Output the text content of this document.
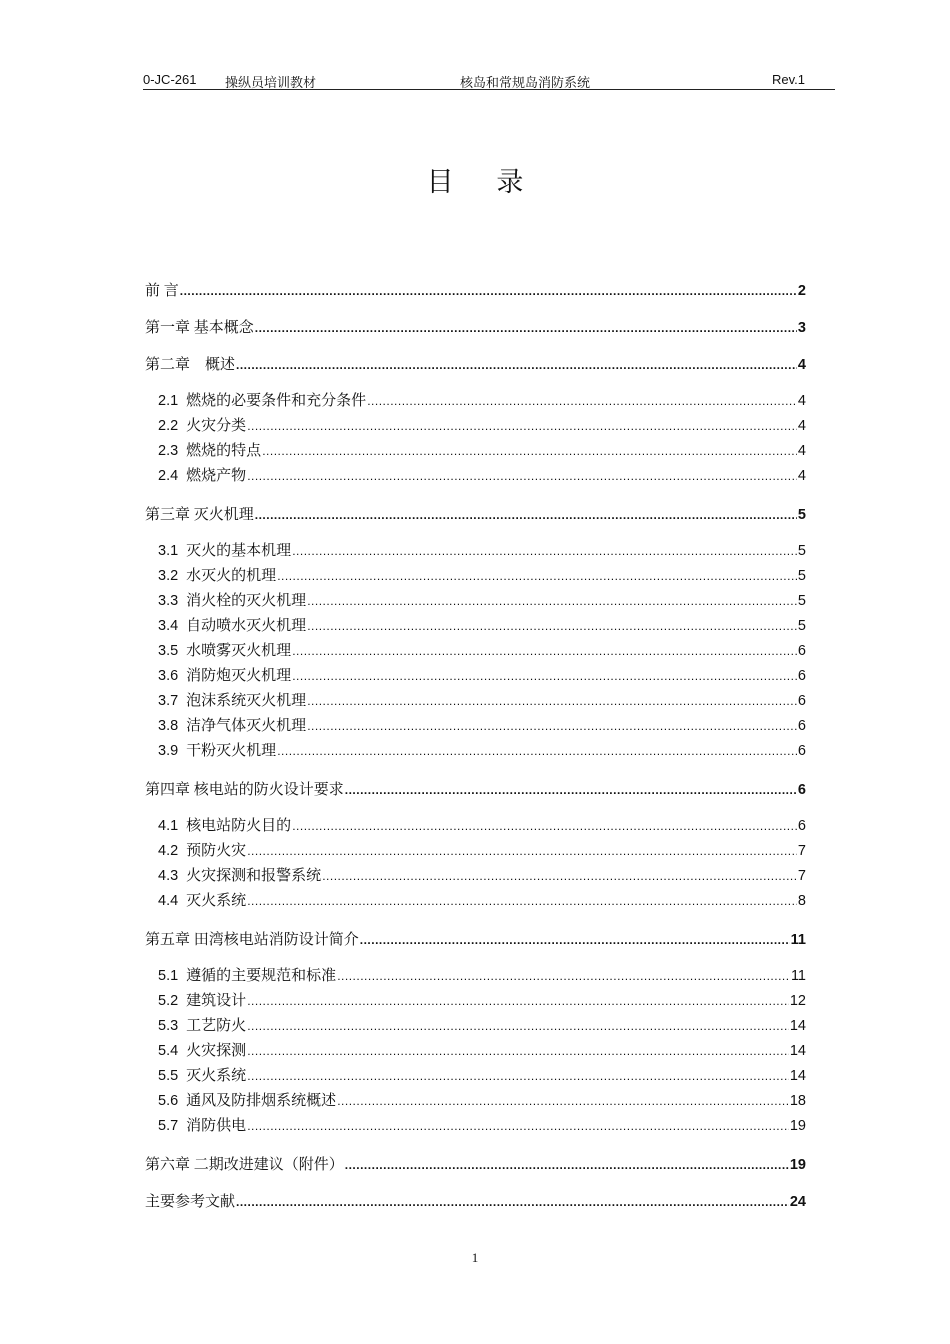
0-JC-261 操纵员培训教材	核岛和常规岛消防系统	Rev.1
目 录
前 言 .....	2
第一章 基本概念 .....	3
第二章　概述 .....	4
2.1 燃烧的必要条件和充分条件 .....	4
2.2 火灾分类 .....	4
2.3 燃烧的特点 .....	4
2.4 燃烧产物 .....	4
第三章 灭火机理 .....	5
3.1 灭火的基本机理 .....	5
3.2 水灭火的机理 .....	5
3.3 消火栓的灭火机理 .....	5
3.4 自动喷水灭火机理 .....	5
3.5 水喷雾灭火机理 .....	6
3.6 消防炮灭火机理 .....	6
3.7 泡沫系统灭火机理 .....	6
3.8 洁净气体灭火机理 .....	6
3.9 干粉灭火机理 .....	6
第四章 核电站的防火设计要求 .....	6
4.1 核电站防火目的 .....	6
4.2 预防火灾 .....	7
4.3 火灾探测和报警系统 .....	7
4.4 灭火系统 .....	8
第五章 田湾核电站消防设计简介 .....	11
5.1 遵循的主要规范和标准 .....	11
5.2 建筑设计 .....	12
5.3 工艺防火 .....	14
5.4 火灾探测 .....	14
5.5 灭火系统 .....	14
5.6 通风及防排烟系统概述 .....	18
5.7 消防供电 .....	19
第六章 二期改进建议（附件） .....	19
主要参考文献 .....	24
1
